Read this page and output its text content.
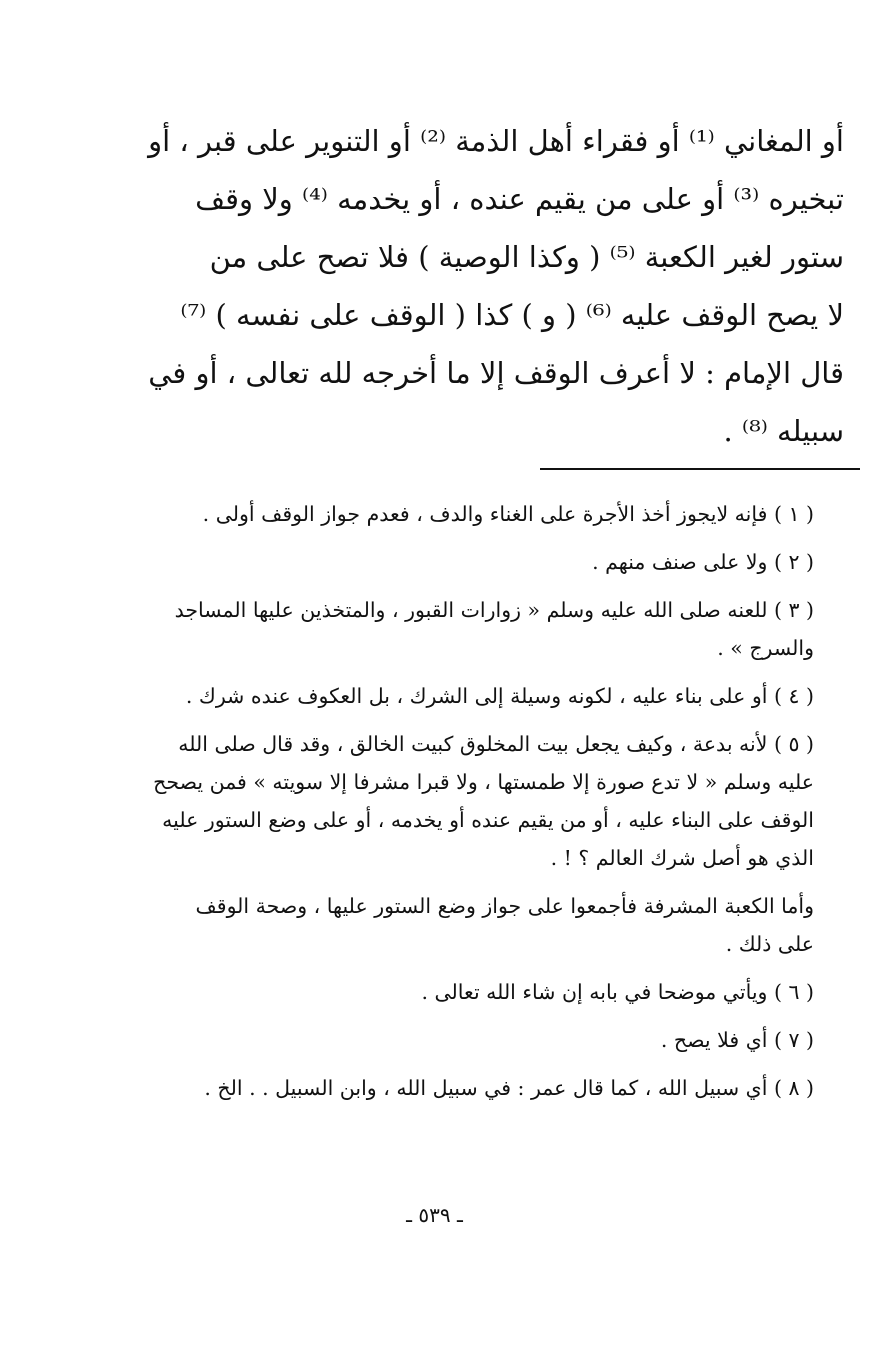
أو المغاني ⁽¹⁾ أو فقراء أهل الذمة ⁽²⁾ أو التنوير على قبر ، أو
تبخيره ⁽³⁾ أو على من يقيم عنده ، أو يخدمه ⁽⁴⁾ ولا وقف
ستور لغير الكعبة ⁽⁵⁾ ( وكذا الوصية ) فلا تصح على من
لا يصح الوقف عليه ⁽⁶⁾ ( و ) كذا ( الوقف على نفسه ) ⁽⁷⁾
قال الإمام : لا أعرف الوقف إلا ما أخرجه لله تعالى ، أو في
سبيله ⁽⁸⁾ .
( ١ ) فإنه لايجوز أخذ الأجرة على الغناء والدف ، فعدم جواز الوقف أولى .
( ٢ ) ولا على صنف منهم .
( ٣ ) للعنه صلى الله عليه وسلم « زوارات القبور ، والمتخذين عليها المساجد
والسرج » .
( ٤ ) أو على بناء عليه ، لكونه وسيلة إلى الشرك ، بل العكوف عنده شرك .
( ٥ ) لأنه بدعة ، وكيف يجعل بيت المخلوق كبيت الخالق ، وقد قال صلى الله
عليه وسلم « لا تدع صورة إلا طمستها ، ولا قبرا مشرفا إلا سويته » فمن يصحح
الوقف على البناء عليه ، أو من يقيم عنده أو يخدمه ، أو على وضع الستور عليه
الذي هو أصل شرك العالم ؟ ! .
وأما الكعبة المشرفة فأجمعوا على جواز وضع الستور عليها ، وصحة الوقف
على ذلك .
( ٦ ) ويأتي موضحا في بابه إن شاء الله تعالى .
( ٧ ) أي فلا يصح .
( ٨ ) أي سبيل الله ، كما قال عمر : في سبيل الله ، وابن السبيل . . الخ .
ـ ٥٣٩ ـ
